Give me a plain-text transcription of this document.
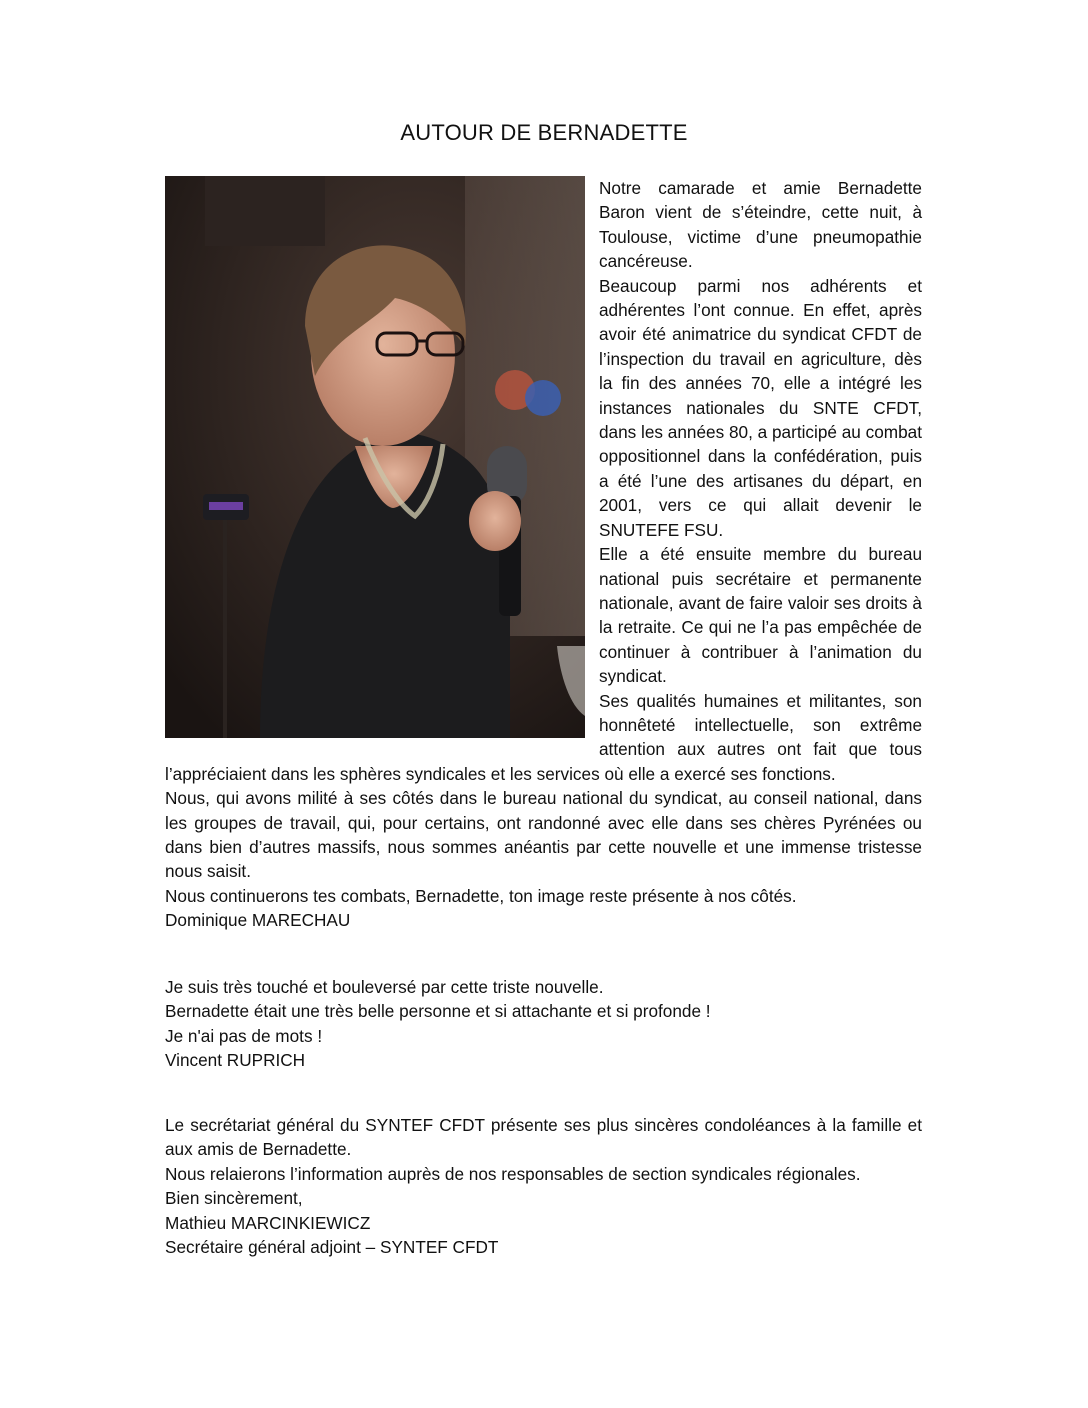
AUTOUR DE BERNADETTE

Notre camarade et amie Bernadette Baron vient de s’éteindre, cette nuit, à Toulouse, victime d’une pneumopathie cancéreuse.

Beaucoup parmi nos adhérents et adhérentes l’ont connue. En effet, après avoir été animatrice du syndicat CFDT de l’inspection du travail en agriculture, dès la fin des années 70, elle a intégré les instances nationales du SNTE CFDT, dans les années 80, a participé au combat oppositionnel dans la confédération, puis a été l’une des artisanes du départ, en 2001, vers ce qui allait devenir le SNUTEFE FSU.

Elle a été ensuite membre du bureau national puis secrétaire et permanente nationale, avant de faire valoir ses droits à la retraite. Ce qui ne l’a pas empêchée de continuer à contribuer à l’animation du syndicat.

Ses qualités humaines et militantes, son honnêteté intellectuelle, son extrême attention aux autres ont fait que tous l’appréciaient dans les sphères syndicales et les services où elle a exercé ses fonctions.

Nous, qui avons milité à ses côtés dans le bureau national du syndicat, au conseil national, dans les groupes de travail, qui, pour certains, ont randonné avec elle dans ses chères Pyrénées ou dans bien d’autres massifs, nous sommes anéantis par cette nouvelle et une immense tristesse nous saisit.

Nous continuerons tes combats, Bernadette, ton image reste présente à nos côtés.

Dominique MARECHAU

Je suis très touché et bouleversé par cette triste nouvelle.

Bernadette était une très belle personne et si attachante et si profonde !

Je n'ai pas de mots !

Vincent RUPRICH

Le secrétariat général du SYNTEF CFDT présente ses plus sincères condoléances à la famille et aux amis de Bernadette.

Nous relaierons l’information auprès de nos responsables de section syndicales régionales.

Bien sincèrement,

Mathieu MARCINKIEWICZ

Secrétaire général adjoint – SYNTEF CFDT
